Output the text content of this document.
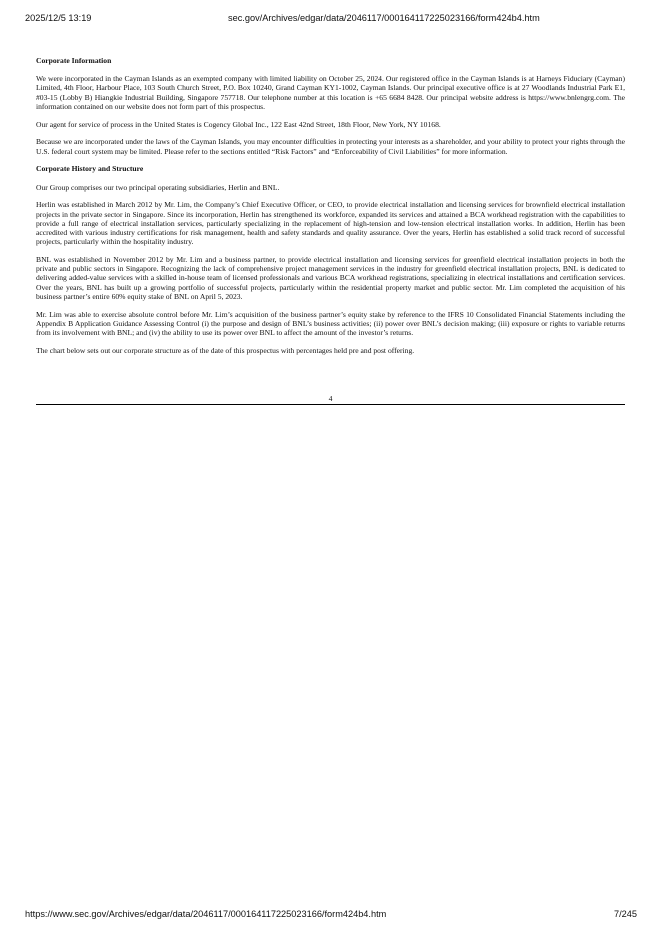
2025/12/5 13:19	sec.gov/Archives/edgar/data/2046117/000164117225023166/form424b4.htm
Corporate Information

We were incorporated in the Cayman Islands as an exempted company with limited liability on October 25, 2024. Our registered office in the Cayman Islands is at Harneys Fiduciary (Cayman) Limited, 4th Floor, Harbour Place, 103 South Church Street, P.O. Box 10240, Grand Cayman KY1-1002, Cayman Islands. Our principal executive office is at 27 Woodlands Industrial Park E1, #03-15 (Lobby B) Hiangkie Industrial Building, Singapore 757718. Our telephone number at this location is +65 6684 8428. Our principal website address is https://www.bnlengrg.com. The information contained on our website does not form part of this prospectus.

Our agent for service of process in the United States is Cogency Global Inc., 122 East 42nd Street, 18th Floor, New York, NY 10168.

Because we are incorporated under the laws of the Cayman Islands, you may encounter difficulties in protecting your interests as a shareholder, and your ability to protect your rights through the U.S. federal court system may be limited. Please refer to the sections entitled “Risk Factors” and “Enforceability of Civil Liabilities” for more information.

Corporate History and Structure

Our Group comprises our two principal operating subsidiaries, Herlin and BNL.

Herlin was established in March 2012 by Mr. Lim, the Company’s Chief Executive Officer, or CEO, to provide electrical installation and licensing services for brownfield electrical installation projects in the private sector in Singapore. Since its incorporation, Herlin has strengthened its workforce, expanded its services and attained a BCA workhead registration with the capabilities to provide a full range of electrical installation services, particularly specializing in the replacement of high-tension and low-tension electrical installation works. In addition, Herlin has been accredited with various industry certifications for risk management, health and safety standards and quality assurance. Over the years, Herlin has established a solid track record of successful projects, particularly within the hospitality industry.

BNL was established in November 2012 by Mr. Lim and a business partner, to provide electrical installation and licensing services for greenfield electrical installation projects in both the private and public sectors in Singapore. Recognizing the lack of comprehensive project management services in the industry for greenfield electrical installation projects, BNL is dedicated to delivering added-value services with a skilled in-house team of licensed professionals and various BCA workhead registrations, specializing in electrical installations and certification services. Over the years, BNL has built up a growing portfolio of successful projects, particularly within the residential property market and public sector. Mr. Lim completed the acquisition of his business partner’s entire 60% equity stake of BNL on April 5, 2023.

Mr. Lim was able to exercise absolute control before Mr. Lim’s acquisition of the business partner’s equity stake by reference to the IFRS 10 Consolidated Financial Statements including the Appendix B Application Guidance Assessing Control (i) the purpose and design of BNL’s business activities; (ii) power over BNL’s decision making; (iii) exposure or rights to variable returns from its involvement with BNL; and (iv) the ability to use its power over BNL to affect the amount of the investor’s returns.

The chart below sets out our corporate structure as of the date of this prospectus with percentages held pre and post offering.

4
https://www.sec.gov/Archives/edgar/data/2046117/000164117225023166/form424b4.htm	7/245
